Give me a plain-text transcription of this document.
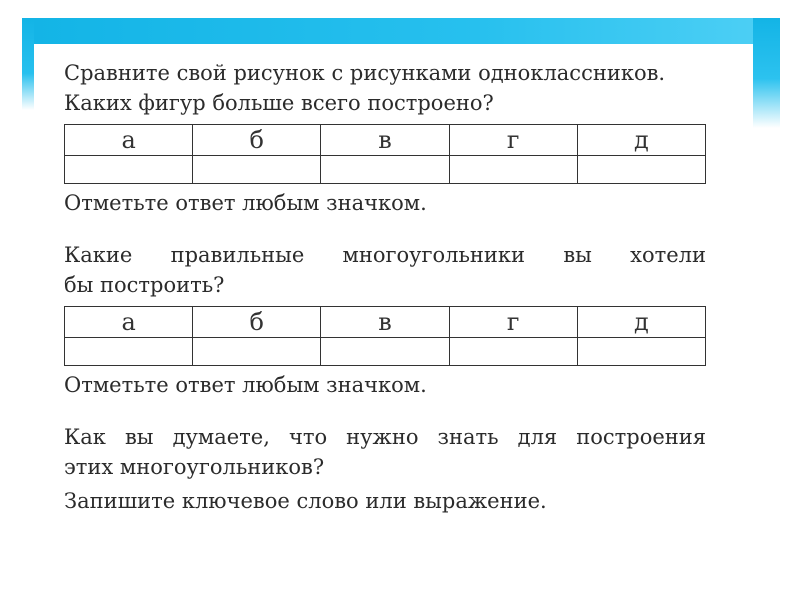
Сравните свой рисунок с рисунками одноклассников.
Каких фигур больше всего построено?
а	б	в	г	д

Отметьте ответ любым значком.
Какие правильные многоугольники вы хотели
бы построить?
а	б	в	г	д

Отметьте ответ любым значком.
Как вы думаете, что нужно знать для построения
этих многоугольников?
Запишите ключевое слово или выражение.
